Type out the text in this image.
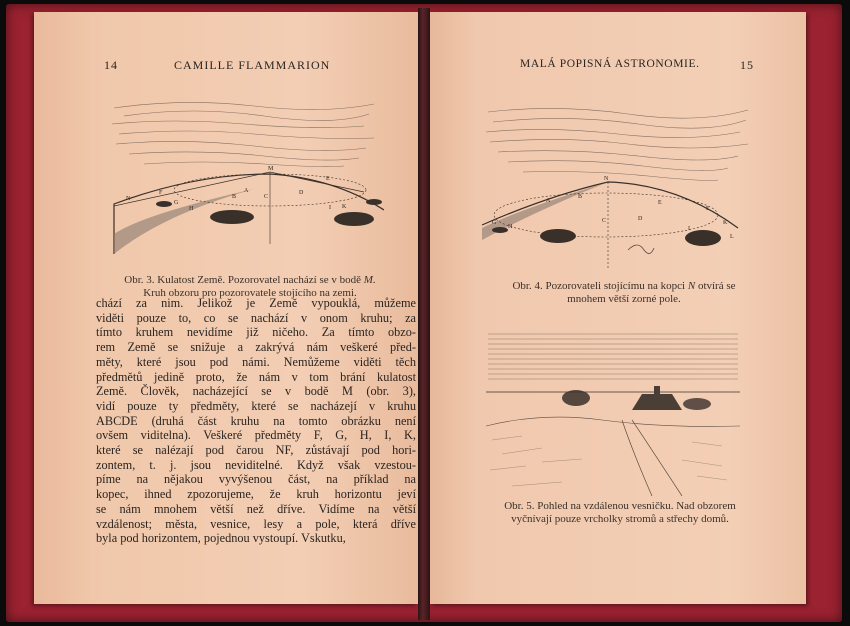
14	CAMILLE FLAMMARION
M
A
B	C
D
E
F
G
H	I K
N
Obr. 3. Kulatost Země. Pozorovatel nachází se v bodě M.
Kruh obzoru pro pozorovatele stojícího na zemi.
chází za nim. Jelikož je Země vypouklá, můžeme
viděti pouze to, co se nachází v onom kruhu; za
tímto kruhem nevidíme již ničeho. Za tímto obzo-
rem Země se snižuje a zakrývá nám veškeré před-
měty, které jsou pod námi. Nemůžeme viděti těch
předmětů jedině proto, že nám v tom brání kulatost
Země. Člověk, nacházející se v bodě M (obr. 3),
vidí pouze ty předměty, které se nacházejí v kruhu
ABCDE (druhá část kruhu na tomto obrázku není
ovšem viditelna). Veškeré předměty F, G, H, I, K,
které se nalézají pod čarou NF, zůstávají pod hori-
zontem, t. j. jsou neviditelné. Když však vzestou-
píme na nějakou vyvýšenou část, na příklad na
kopec, ihned zpozorujeme, že kruh horizontu jeví
se nám mnohem větší než dříve. Vidíme na větší
vzdálenost; města, vesnice, lesy a pole, která dříve
byla pod horizontem, pojednou vystoupí. Vskutku,
MALÁ POPISNÁ ASTRONOMIE.	15
A
B
C	D
E
F
G
H	I
K
L
N
Obr. 4. Pozorovateli stojícímu na kopci N otvírá se
mnohem větší zorné pole.
Obr. 5. Pohled na vzdálenou vesničku. Nad obzorem
vyčnívají pouze vrcholky stromů a střechy domů.
